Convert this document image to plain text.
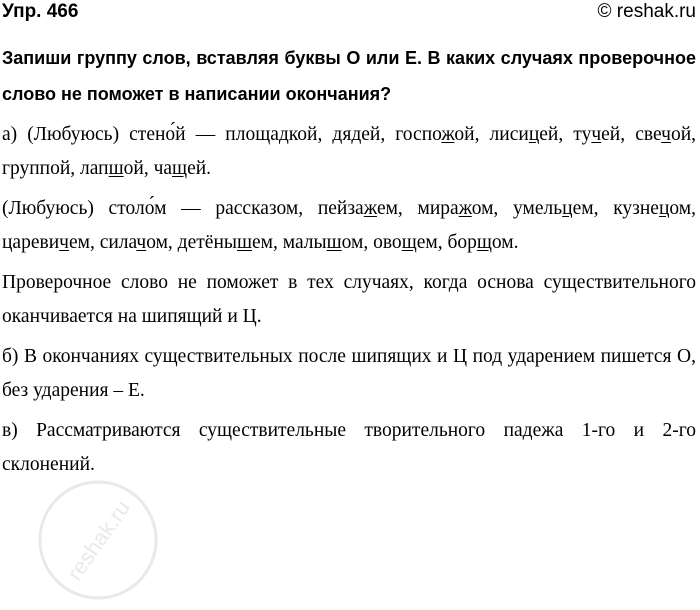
Упр. 466	© reshak.ru
Запиши группу слов, вставляя буквы О или Е. В каких случаях проверочное слово не поможет в написании окончания?

а) (Любуюсь) стено́й — площадкой, дядей, госпожой, лисицей, тучей, свечой, группой, лапшой, чащей.

(Любуюсь) столо́м — рассказом, пейзажем, миражом, умельцем, кузнецом, царевичем, силачом, детёнышем, малышом, овощем, борщом.

Проверочное слово не поможет в тех случаях, когда основа существительного оканчивается на шипящий и Ц.

б) В окончаниях существительных после шипящих и Ц под ударением пишется О, без ударения – Е.

в) Рассматриваются существительные творительного падежа 1-го и 2-го склонений.

reshak.ru
